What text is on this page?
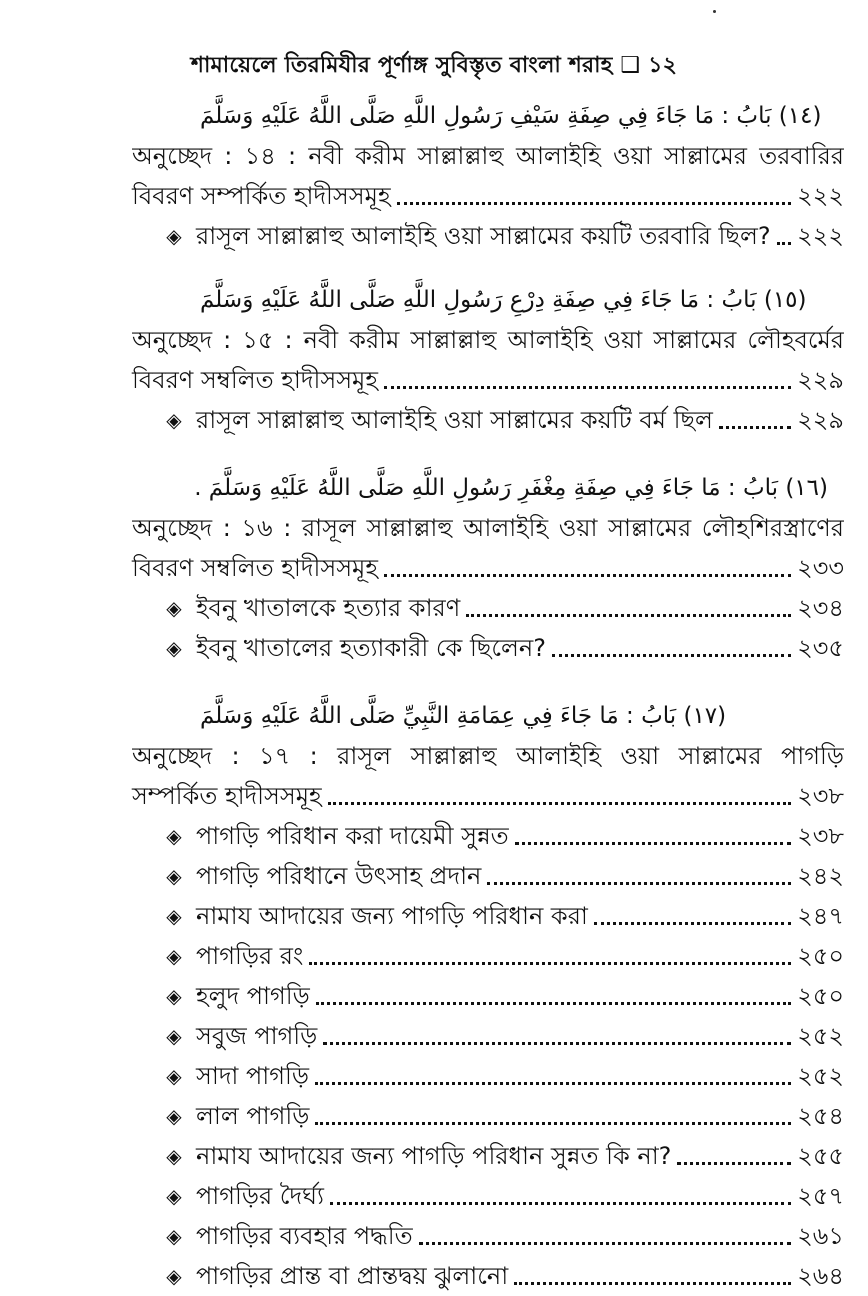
শামায়েলে তিরমিযীর পূর্ণাঙ্গ সুবিস্তৃত বাংলা শরাহ ❑ ১২
(١٤) بَابُ : مَا جَاءَ فِي صِفَةِ سَيْفِ رَسُولِ اللَّهِ صَلَّى اللَّهُ عَلَيْهِ وَسَلَّمَ
অনুচ্ছেদ : ১৪ : নবী করীম সাল্লাল্লাহু আলাইহি ওয়া সাল্লামের তরবারির
বিবরণ সম্পর্কিত হাদীসসমূহ	২২২
◈ রাসূল সাল্লাল্লাহু আলাইহি ওয়া সাল্লামের কয়টি তরবারি ছিল? ২২২
(١٥) بَابُ : مَا جَاءَ فِي صِفَةِ دِرْعِ رَسُولِ اللَّهِ صَلَّى اللَّهُ عَلَيْهِ وَسَلَّمَ
অনুচ্ছেদ : ১৫ : নবী করীম সাল্লাল্লাহু আলাইহি ওয়া সাল্লামের লৌহবর্মের
বিবরণ সম্বলিত হাদীসসমূহ	২২৯
◈ রাসূল সাল্লাল্লাহু আলাইহি ওয়া সাল্লামের কয়টি বর্ম ছিল	২২৯
(١٦) بَابُ : مَا جَاءَ فِي صِفَةِ مِغْفَرِ رَسُولِ اللَّهِ صَلَّى اللَّهُ عَلَيْهِ وَسَلَّمَ .
অনুচ্ছেদ : ১৬ : রাসূল সাল্লাল্লাহু আলাইহি ওয়া সাল্লামের লৌহশিরস্ত্রাণের
বিবরণ সম্বলিত হাদীসসমূহ	২৩৩
◈ ইবনু খাতালকে হত্যার কারণ	২৩৪
◈ ইবনু খাতালের হত্যাকারী কে ছিলেন?	২৩৫
(١٧) بَابُ : مَا جَاءَ فِي عِمَامَةِ النَّبِيِّ صَلَّى اللَّهُ عَلَيْهِ وَسَلَّمَ
অনুচ্ছেদ : ১৭ : রাসূল সাল্লাল্লাহু আলাইহি ওয়া সাল্লামের পাগড়ি
সম্পর্কিত হাদীসসমূহ	২৩৮
◈ পাগড়ি পরিধান করা দায়েমী সুন্নত	২৩৮
◈ পাগড়ি পরিধানে উৎসাহ প্রদান	২৪২
◈ নামায আদায়ের জন্য পাগড়ি পরিধান করা	২৪৭
◈ পাগড়ির রং	২৫০
◈ হলুদ পাগড়ি	২৫০
◈ সবুজ পাগড়ি	২৫২
◈ সাদা পাগড়ি	২৫২
◈ লাল পাগড়ি	২৫৪
◈ নামায আদায়ের জন্য পাগড়ি পরিধান সুন্নত কি না?	২৫৫
◈ পাগড়ির দৈর্ঘ্য	২৫৭
◈ পাগড়ির ব্যবহার পদ্ধতি	২৬১
◈ পাগড়ির প্রান্ত বা প্রান্তদ্বয় ঝুলানো	২৬৪
